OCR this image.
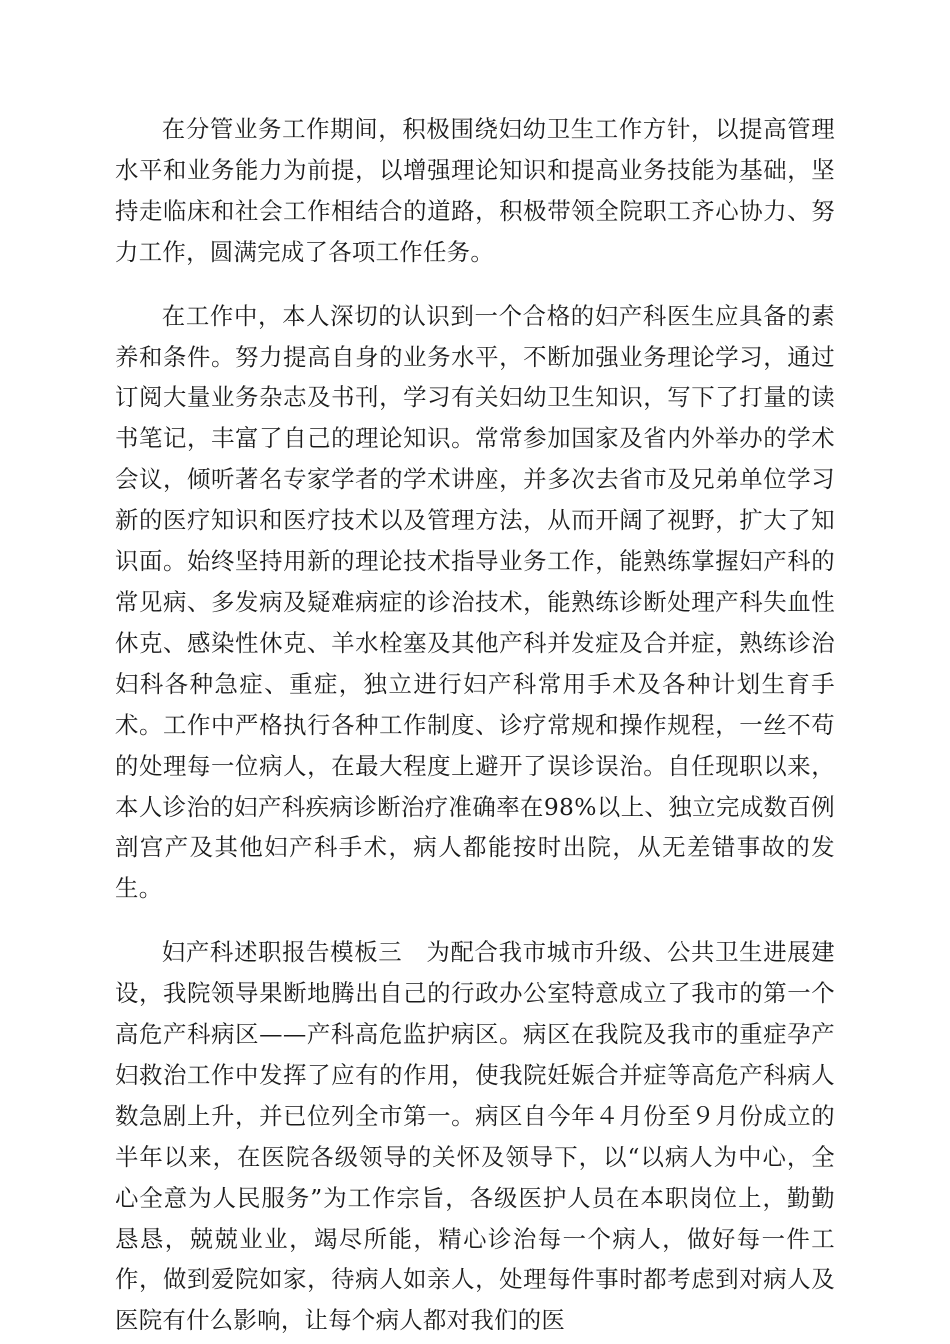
在分管业务工作期间，积极围绕妇幼卫生工作方针，以提高管理水平和业务能力为前提，以增强理论知识和提高业务技能为基础，坚持走临床和社会工作相结合的道路，积极带领全院职工齐心协力、努力工作，圆满完成了各项工作任务。

在工作中，本人深切的认识到一个合格的妇产科医生应具备的素养和条件。努力提高自身的业务水平，不断加强业务理论学习，通过订阅大量业务杂志及书刊，学习有关妇幼卫生知识，写下了打量的读书笔记，丰富了自己的理论知识。常常参加国家及省内外举办的学术会议，倾听著名专家学者的学术讲座，并多次去省市及兄弟单位学习新的医疗知识和医疗技术以及管理方法，从而开阔了视野，扩大了知识面。始终坚持用新的理论技术指导业务工作，能熟练掌握妇产科的常见病、多发病及疑难病症的诊治技术，能熟练诊断处理产科失血性休克、感染性休克、羊水栓塞及其他产科并发症及合并症，熟练诊治妇科各种急症、重症，独立进行妇产科常用手术及各种计划生育手术。工作中严格执行各种工作制度、诊疗常规和操作规程，一丝不苟的处理每一位病人，在最大程度上避开了误诊误治。自任现职以来，本人诊治的妇产科疾病诊断治疗准确率在98%以上、独立完成数百例剖宫产及其他妇产科手术，病人都能按时出院，从无差错事故的发生。

妇产科述职报告模板三　为配合我市城市升级、公共卫生进展建设，我院领导果断地腾出自己的行政办公室特意成立了我市的第一个高危产科病区——产科高危监护病区。病区在我院及我市的重症孕产妇救治工作中发挥了应有的作用，使我院妊娠合并症等高危产科病人数急剧上升，并已位列全市第一。病区自今年４月份至９月份成立的半年以来，在医院各级领导的关怀及领导下，以“以病人为中心，全心全意为人民服务”为工作宗旨，各级医护人员在本职岗位上，勤勤恳恳，兢兢业业，竭尽所能，精心诊治每一个病人，做好每一件工作，做到爱院如家，待病人如亲人，处理每件事时都考虑到对病人及医院有什么影响，让每个病人都对我们的医
